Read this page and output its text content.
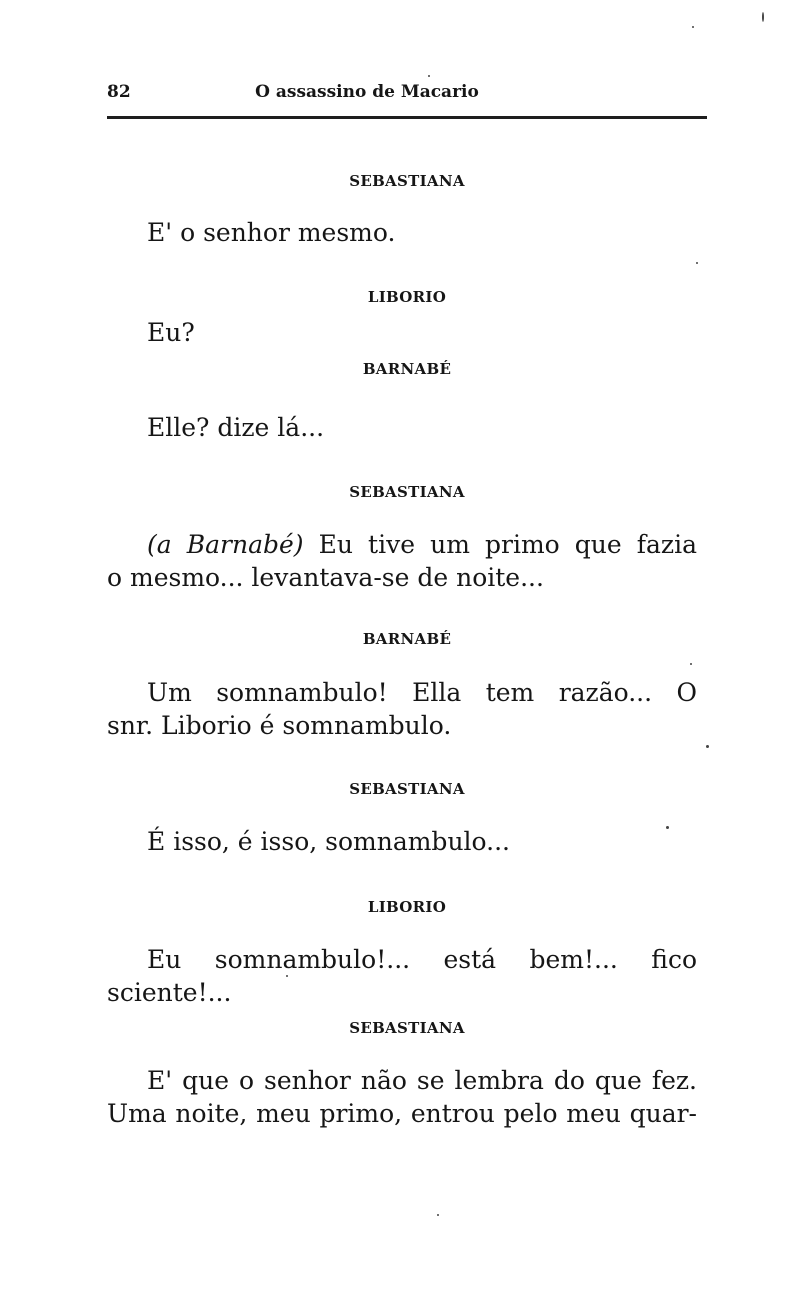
82	O assassino de Macario
SEBASTIANA
E' o senhor mesmo.
LIBORIO
Eu?
BARNABÉ
Elle? dize lá...
SEBASTIANA
(a Barnabé) Eu tive um primo que fazia
o mesmo... levantava-se de noite...
BARNABÉ
Um somnambulo! Ella tem razão... O
snr. Liborio é somnambulo.
SEBASTIANA
É isso, é isso, somnambulo...
LIBORIO
Eu somnambulo!... está bem!... fico
sciente!...
SEBASTIANA
E' que o senhor não se lembra do que fez.
Uma noite, meu primo, entrou pelo meu quar-
